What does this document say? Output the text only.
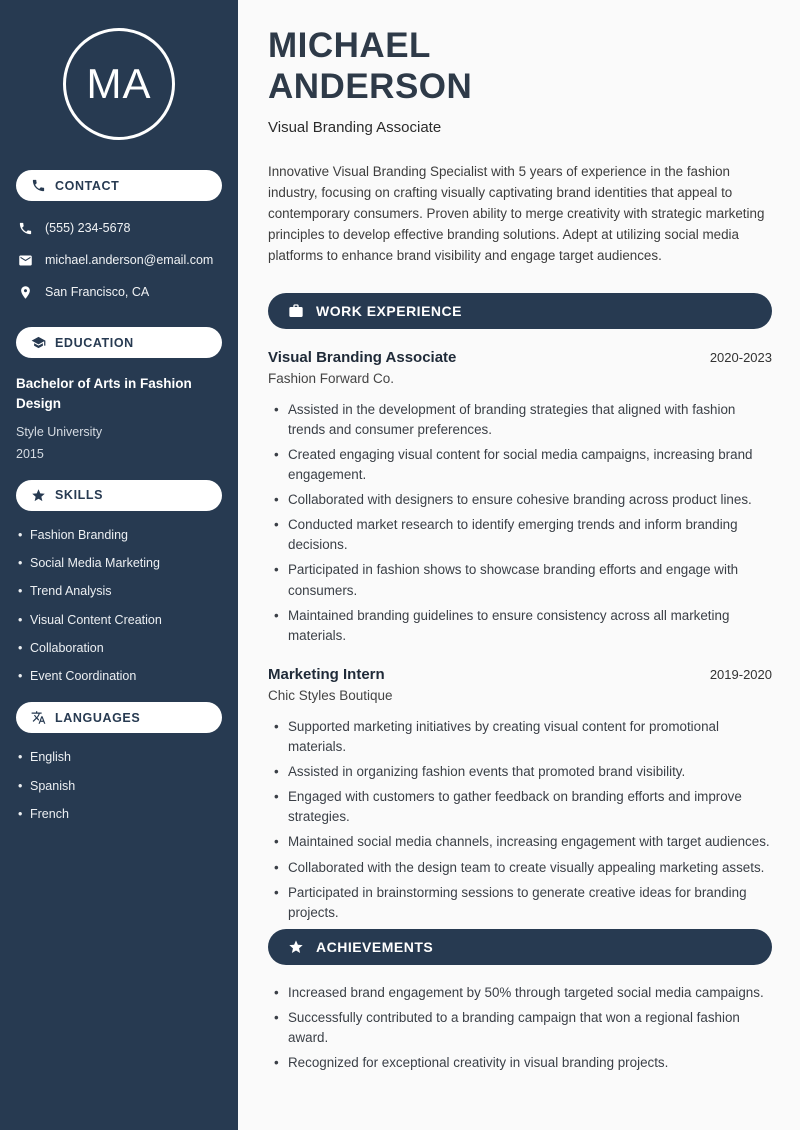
MA
CONTACT
(555) 234-5678
michael.anderson@email.com
San Francisco, CA
EDUCATION
Bachelor of Arts in Fashion Design
Style University
2015
SKILLS
• Fashion Branding
• Social Media Marketing
• Trend Analysis
• Visual Content Creation
• Collaboration
• Event Coordination
LANGUAGES
• English
• Spanish
• French
MICHAEL
ANDERSON
Visual Branding Associate

Innovative Visual Branding Specialist with 5 years of experience in the fashion industry, focusing on crafting visually captivating brand identities that appeal to contemporary consumers. Proven ability to merge creativity with strategic marketing principles to develop effective branding solutions. Adept at utilizing social media platforms to enhance brand visibility and engage target audiences.

WORK EXPERIENCE
Visual Branding Associate	2020-2023
Fashion Forward Co.
• Assisted in the development of branding strategies that aligned with fashion trends and consumer preferences.
• Created engaging visual content for social media campaigns, increasing brand engagement.
• Collaborated with designers to ensure cohesive branding across product lines.
• Conducted market research to identify emerging trends and inform branding decisions.
• Participated in fashion shows to showcase branding efforts and engage with consumers.
• Maintained branding guidelines to ensure consistency across all marketing materials.
Marketing Intern	2019-2020
Chic Styles Boutique
• Supported marketing initiatives by creating visual content for promotional materials.
• Assisted in organizing fashion events that promoted brand visibility.
• Engaged with customers to gather feedback on branding efforts and improve strategies.
• Maintained social media channels, increasing engagement with target audiences.
• Collaborated with the design team to create visually appealing marketing assets.
• Participated in brainstorming sessions to generate creative ideas for branding projects.
ACHIEVEMENTS
• Increased brand engagement by 50% through targeted social media campaigns.
• Successfully contributed to a branding campaign that won a regional fashion award.
• Recognized for exceptional creativity in visual branding projects.
